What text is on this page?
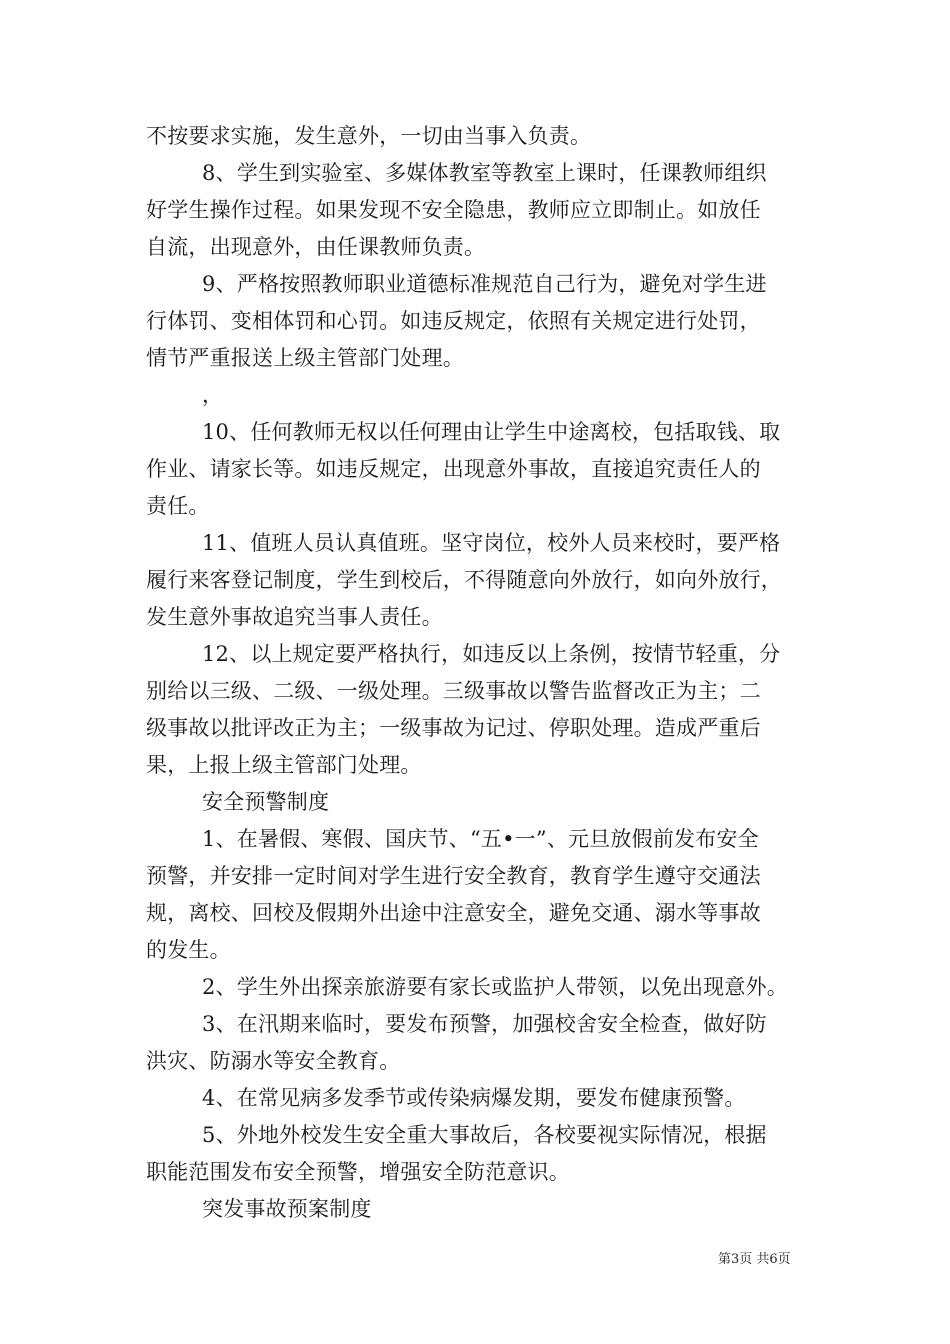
不按要求实施，发生意外，一切由当事入负责。
8、学生到实验室、多媒体教室等教室上课时，任课教师组织
好学生操作过程。如果发现不安全隐患，教师应立即制止。如放任
自流，出现意外，由任课教师负责。
9、严格按照教师职业道德标准规范自己行为，避免对学生进
行体罚、变相体罚和心罚。如违反规定，依照有关规定进行处罚，
情节严重报送上级主管部门处理。
，
10、任何教师无权以任何理由让学生中途离校，包括取钱、取
作业、请家长等。如违反规定，出现意外事故，直接追究责任人的
责任。
11、值班人员认真值班。坚守岗位，校外人员来校时，要严格
履行来客登记制度，学生到校后，不得随意向外放行，如向外放行，
发生意外事故追究当事人责任。
12、以上规定要严格执行，如违反以上条例，按情节轻重，分
别给以三级、二级、一级处理。三级事故以警告监督改正为主；二
级事故以批评改正为主；一级事故为记过、停职处理。造成严重后
果，上报上级主管部门处理。
安全预警制度
1、在暑假、寒假、国庆节、“五•一”、元旦放假前发布安全
预警，并安排一定时间对学生进行安全教育，教育学生遵守交通法
规，离校、回校及假期外出途中注意安全，避免交通、溺水等事故
的发生。
2、学生外出探亲旅游要有家长或监护人带领，以免出现意外。
3、在汛期来临时，要发布预警，加强校舍安全检查，做好防
洪灾、防溺水等安全教育。
4、在常见病多发季节或传染病爆发期，要发布健康预警。
5、外地外校发生安全重大事故后，各校要视实际情况，根据
职能范围发布安全预警，增强安全防范意识。
突发事故预案制度
第3页 共6页
